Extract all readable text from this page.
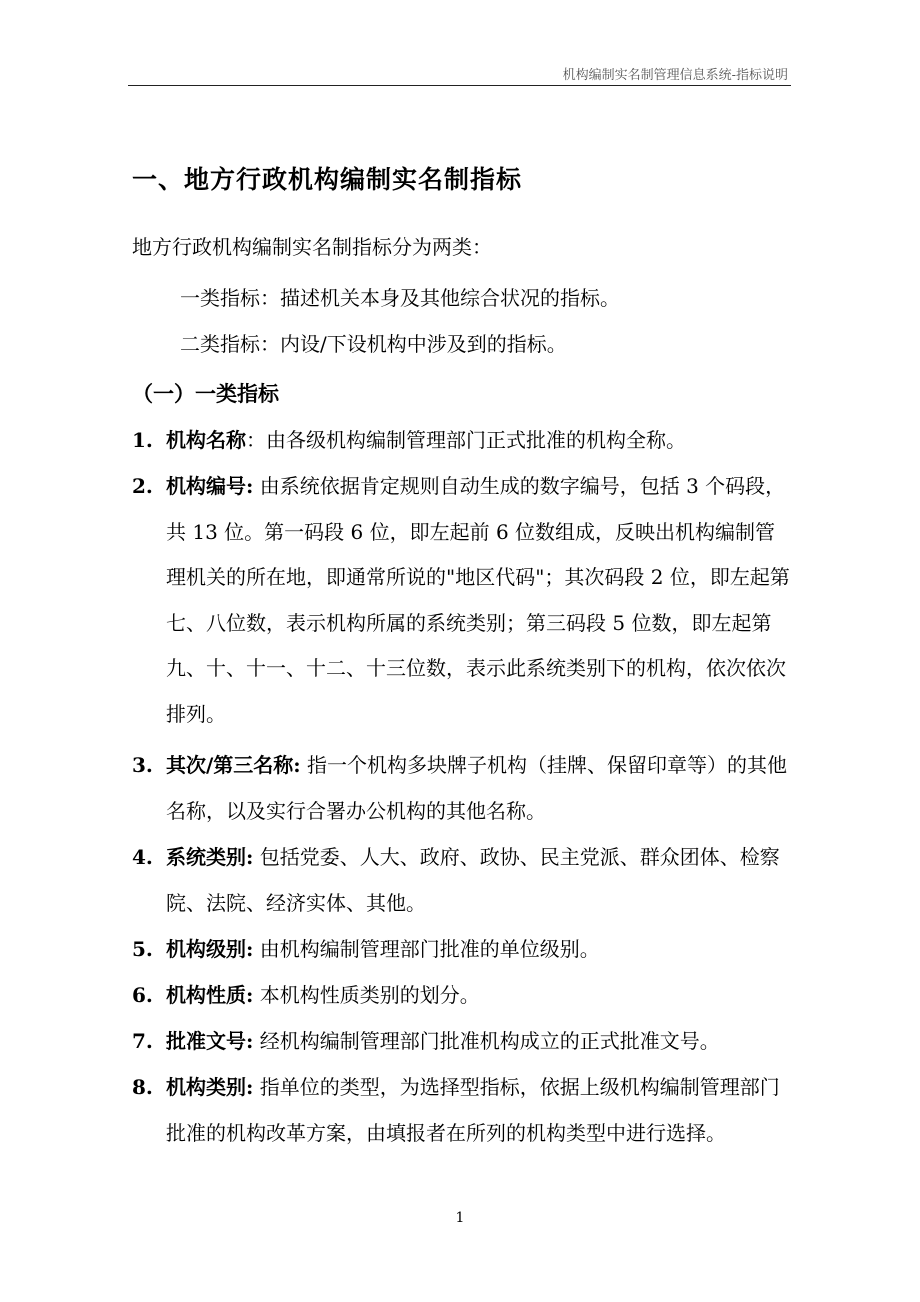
机构编制实名制管理信息系统-指标说明
一、地方行政机构编制实名制指标
地方行政机构编制实名制指标分为两类：
一类指标：描述机关本身及其他综合状况的指标。
二类指标：内设/下设机构中涉及到的指标。
（一）一类指标
1. 机构名称：由各级机构编制管理部门正式批准的机构全称。
2. 机构编号: 由系统依据肯定规则自动生成的数字编号，包括 3 个码段，共 13 位。第一码段 6 位，即左起前 6 位数组成，反映出机构编制管理机关的所在地，即通常所说的"地区代码"；其次码段 2 位，即左起第七、八位数，表示机构所属的系统类别；第三码段 5 位数，即左起第九、十、十一、十二、十三位数，表示此系统类别下的机构，依次依次排列。
3. 其次/第三名称: 指一个机构多块牌子机构（挂牌、保留印章等）的其他名称，以及实行合署办公机构的其他名称。
4. 系统类别: 包括党委、人大、政府、政协、民主党派、群众团体、检察院、法院、经济实体、其他。
5. 机构级别: 由机构编制管理部门批准的单位级别。
6. 机构性质: 本机构性质类别的划分。
7. 批准文号: 经机构编制管理部门批准机构成立的正式批准文号。
8. 机构类别: 指单位的类型，为选择型指标，依据上级机构编制管理部门批准的机构改革方案，由填报者在所列的机构类型中进行选择。
1
